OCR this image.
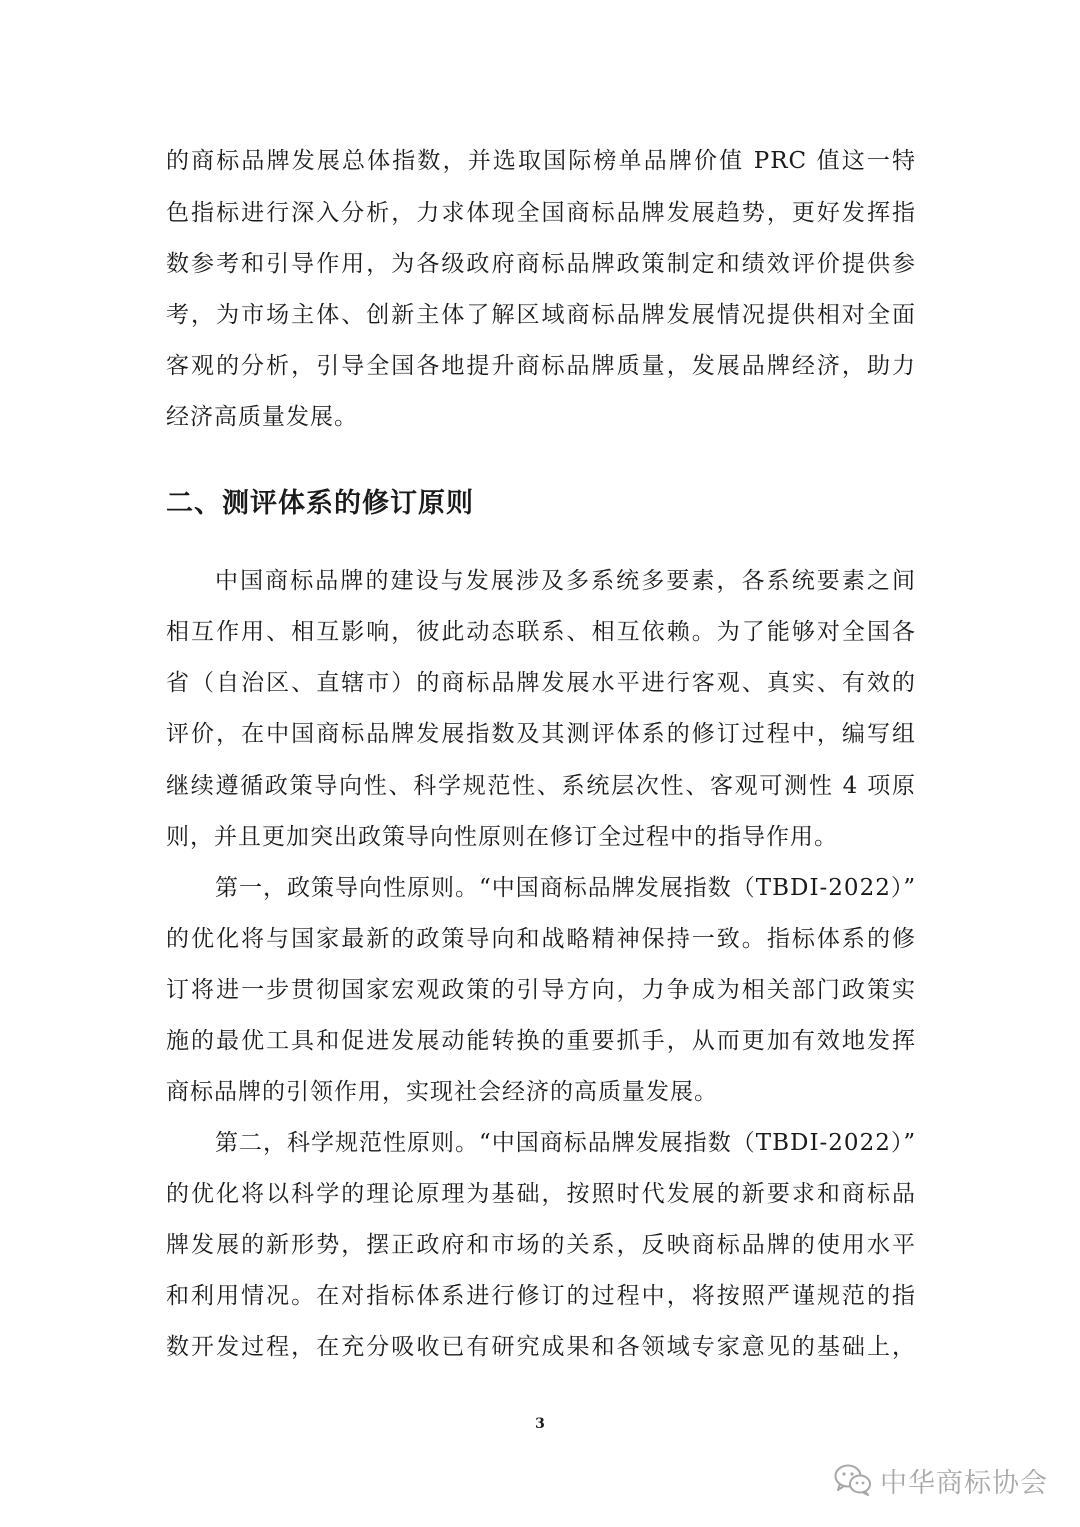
的商标品牌发展总体指数，并选取国际榜单品牌价值 PRC 值这一特
色指标进行深入分析，力求体现全国商标品牌发展趋势，更好发挥指
数参考和引导作用，为各级政府商标品牌政策制定和绩效评价提供参
考，为市场主体、创新主体了解区域商标品牌发展情况提供相对全面
客观的分析，引导全国各地提升商标品牌质量，发展品牌经济，助力
经济高质量发展。
二、测评体系的修订原则
中国商标品牌的建设与发展涉及多系统多要素，各系统要素之间
相互作用、相互影响，彼此动态联系、相互依赖。为了能够对全国各
省（自治区、直辖市）的商标品牌发展水平进行客观、真实、有效的
评价，在中国商标品牌发展指数及其测评体系的修订过程中，编写组
继续遵循政策导向性、科学规范性、系统层次性、客观可测性 4 项原
则，并且更加突出政策导向性原则在修订全过程中的指导作用。
第一，政策导向性原则。“中国商标品牌发展指数（TBDI-2022）”
的优化将与国家最新的政策导向和战略精神保持一致。指标体系的修
订将进一步贯彻国家宏观政策的引导方向，力争成为相关部门政策实
施的最优工具和促进发展动能转换的重要抓手，从而更加有效地发挥
商标品牌的引领作用，实现社会经济的高质量发展。
第二，科学规范性原则。“中国商标品牌发展指数（TBDI-2022）”
的优化将以科学的理论原理为基础，按照时代发展的新要求和商标品
牌发展的新形势，摆正政府和市场的关系，反映商标品牌的使用水平
和利用情况。在对指标体系进行修订的过程中，将按照严谨规范的指
数开发过程，在充分吸收已有研究成果和各领域专家意见的基础上，
3
中华商标协会
